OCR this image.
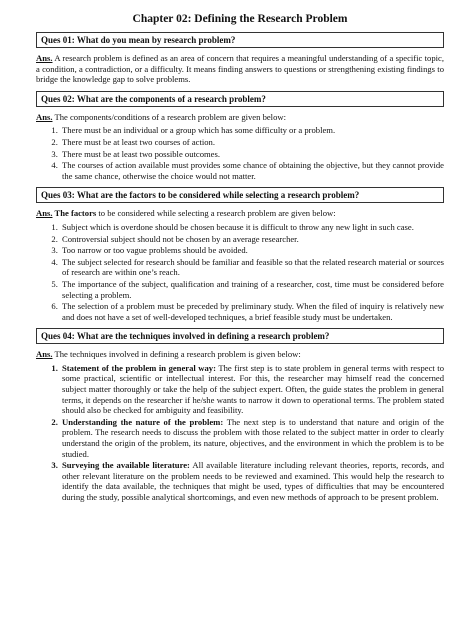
Chapter 02: Defining the Research Problem
Ques 01: What do you mean by research problem?

Ans. A research problem is defined as an area of concern that requires a meaningful understanding of a specific topic, a condition, a contradiction, or a difficulty. It means finding answers to questions or strengthening existing findings to bridge the knowledge gap to solve problems.

Ques 02: What are the components of a research problem?

Ans. The components/conditions of a research problem are given below:

1. There must be an individual or a group which has some difficulty or a problem.
2. There must be at least two courses of action.
3. There must be at least two possible outcomes.
4. The courses of action available must provides some chance of obtaining the objective, but they cannot provide the same chance, otherwise the choice would not matter.
Ques 03: What are the factors to be considered while selecting a research problem?

Ans. The factors to be considered while selecting a research problem are given below:

1. Subject which is overdone should be chosen because it is difficult to throw any new light in such case.
2. Controversial subject should not be chosen by an average researcher.
3. Too narrow or too vague problems should be avoided.
4. The subject selected for research should be familiar and feasible so that the related research material or sources of research are within one’s reach.
5. The importance of the subject, qualification and training of a researcher, cost, time must be considered before selecting a problem.
6. The selection of a problem must be preceded by preliminary study. When the filed of inquiry is relatively new and does not have a set of well-developed techniques, a brief feasible study must be undertaken.
Ques 04: What are the techniques involved in defining a research problem?

Ans. The techniques involved in defining a research problem is given below:

1. Statement of the problem in general way: The first step is to state problem in general terms with respect to some practical, scientific or intellectual interest. For this, the researcher may himself read the concerned subject matter thoroughly or take the help of the subject expert. Often, the guide states the problem in general terms, it depends on the researcher if he/she wants to narrow it down to operational terms. The problem stated should also be checked for ambiguity and feasibility.
2. Understanding the nature of the problem: The next step is to understand that nature and origin of the problem. The research needs to discuss the problem with those related to the subject matter in order to clearly understand the origin of the problem, its nature, objectives, and the environment in which the problem is to be studied.
3. Surveying the available literature: All available literature including relevant theories, reports, records, and other relevant literature on the problem needs to be reviewed and examined. This would help the research to identify the data available, the techniques that might be used, types of difficulties that may be encountered during the study, possible analytical shortcomings, and even new methods of approach to be present problem.
